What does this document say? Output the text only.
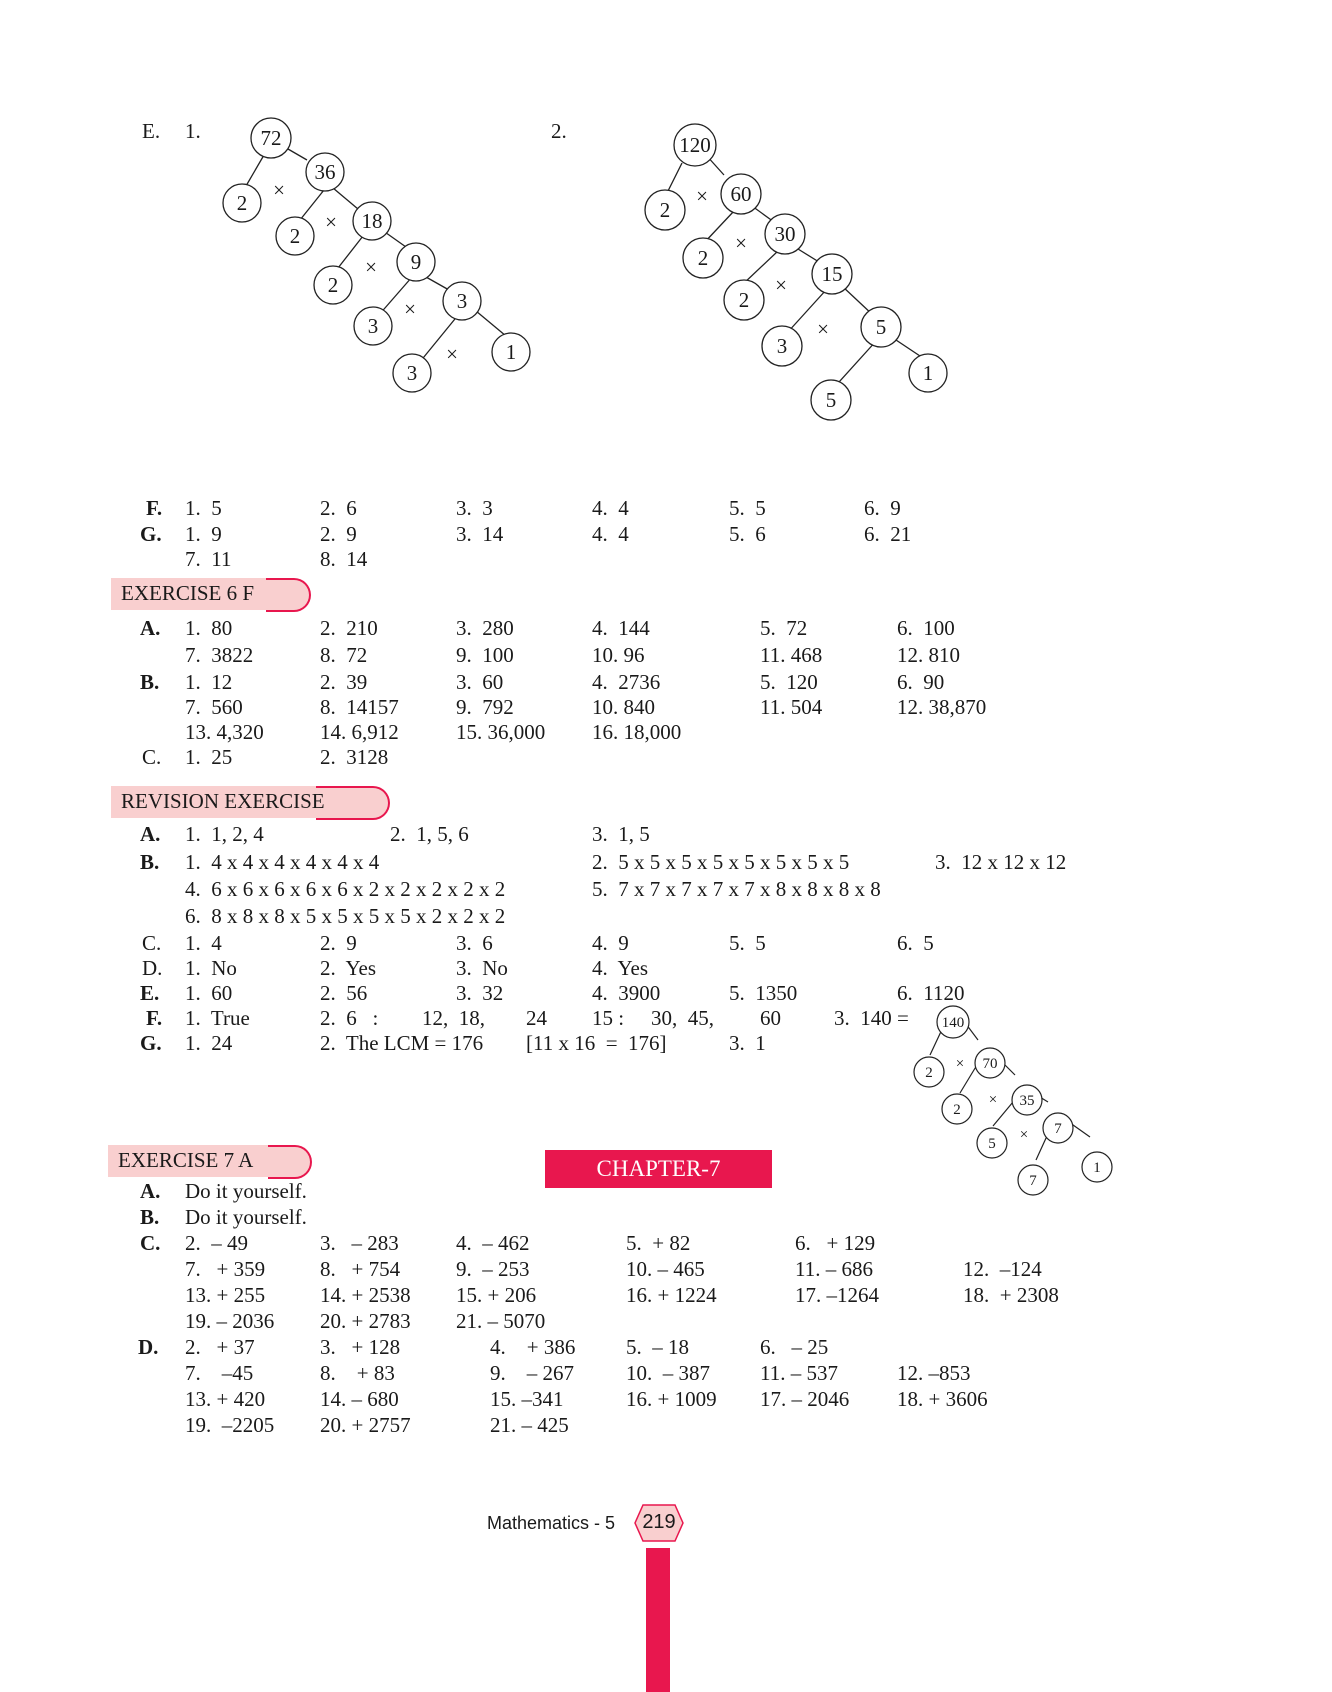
E. 1.	2.
72
36
18
9
3
1
2
2
2
3
3
×
×
×
×
×
120
60
30
15
5
1
2
2
2
3
5
×
×
×
×
F. 1.  5	2.  6	3.  3	4.  4	5.  5	6.  9
G. 1.  9	2.  9	3.  14	4.  4	5.  6	6.  21
7.  11	8.  14
EXERCISE 6 F
A. 1.  80	2.  210	3.  280	4.  144	5.  72	6.  100
7.  3822	8.  72	9.  100	10. 96	11. 468	12. 810
B. 1.  12	2.  39	3.  60	4.  2736	5.  120	6.  90
7.  560	8.  14157	9.  792	10. 840	11. 504	12. 38,870
13. 4,320	14. 6,912	15. 36,000 16. 18,000
C. 1.  25	2.  3128
REVISION EXERCISE
A. 1.  1, 2, 4	2.  1, 5, 6	3.  1, 5
B. 1.  4 x 4 x 4 x 4 x 4 x 4	2.  5 x 5 x 5 x 5 x 5 x 5 x 5 x 5	3.  12 x 12 x 12
4.  6 x 6 x 6 x 6 x 6 x 2 x 2 x 2 x 2 x 2	5.  7 x 7 x 7 x 7 x 7 x 8 x 8 x 8 x 8
6.  8 x 8 x 8 x 5 x 5 x 5 x 5 x 2 x 2 x 2
C. 1.  4	2.  9	3.  6	4.  9	5.  5	6.  5
D. 1.  No	2.  Yes	3.  No	4.  Yes
E. 1.  60	2.  56	3.  32	4.  3900	5.  1350	6.  1120
F. 1.  True	2.  6   : 12,  18, 24 15 : 30,  45, 60	3.  140 =
G. 1.  24	2.  The LCM = 176 [11 x 16  =  176]	3.  1
140
70
35
7
1
2
2
5
7
×
×
×
CHAPTER-7
EXERCISE 7 A
A. Do it yourself.
B. Do it yourself.
C. 2.  – 49	3.   – 283	4.  – 462	5.  + 82	6.   + 129
7.   + 359	8.   + 754	9.  – 253	10. – 465	11. – 686	12.  –124
13. + 255	14. + 2538 15. + 206	16. + 1224	17. –1264	18.  + 2308
19. – 2036 20. + 2783 21. – 5070
D. 2.   + 37	3.   + 128	4.    + 386 5.  – 18	6.   – 25
7.    –45	8.    + 83	9.    – 267 10.  – 387 11. – 537	12. –853
13. + 420	14. – 680	15. –341	16. + 1009 17. – 2046 18. + 3606
19.  –2205 20. + 2757	21. – 425
Mathematics - 5	219
